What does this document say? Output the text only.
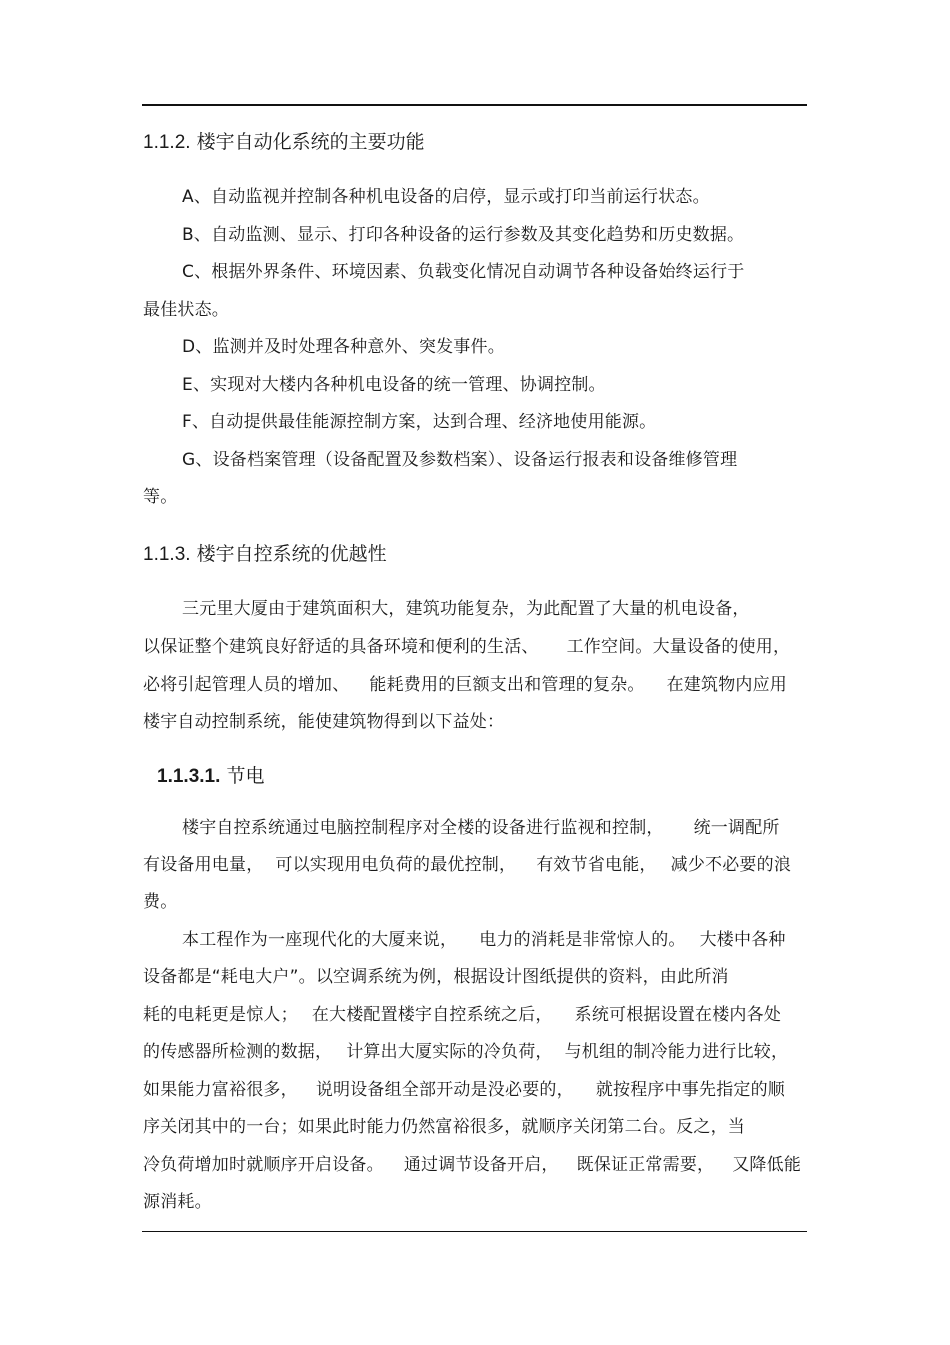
1.1.2. 楼宇自动化系统的主要功能
A、自动监视并控制各种机电设备的启停，显示或打印当前运行状态。
B、自动监测、显示、打印各种设备的运行参数及其变化趋势和历史数据。
C、根据外界条件、环境因素、负载变化情况自动调节各种设备始终运行于
最佳状态。
D、监测并及时处理各种意外、突发事件。
E、实现对大楼内各种机电设备的统一管理、协调控制。
F、自动提供最佳能源控制方案，达到合理、经济地使用能源。
G、设备档案管理（设备配置及参数档案）、设备运行报表和设备维修管理
等。
1.1.3. 楼宇自控系统的优越性
三元里大厦由于建筑面积大，建筑功能复杂，为此配置了大量的机电设备，
以保证整个建筑良好舒适的具备环境和便利的生活、 工作空间。大量设备的使用，
必将引起管理人员的增加、 能耗费用的巨额支出和管理的复杂。 在建筑物内应用
楼宇自动控制系统，能使建筑物得到以下益处：
1.1.3.1. 节电
楼宇自控系统通过电脑控制程序对全楼的设备进行监视和控制， 统一调配所
有设备用电量， 可以实现用电负荷的最优控制， 有效节省电能， 减少不必要的浪
费。
本工程作为一座现代化的大厦来说， 电力的消耗是非常惊人的。 大楼中各种
设备都是“耗电大户”。以空调系统为例，根据设计图纸提供的资料，由此所消
耗的电耗更是惊人； 在大楼配置楼宇自控系统之后， 系统可根据设置在楼内各处
的传感器所检测的数据， 计算出大厦实际的冷负荷， 与机组的制冷能力进行比较，
如果能力富裕很多， 说明设备组全部开动是没必要的， 就按程序中事先指定的顺
序关闭其中的一台；如果此时能力仍然富裕很多，就顺序关闭第二台。反之，当
冷负荷增加时就顺序开启设备。 通过调节设备开启， 既保证正常需要， 又降低能
源消耗。
